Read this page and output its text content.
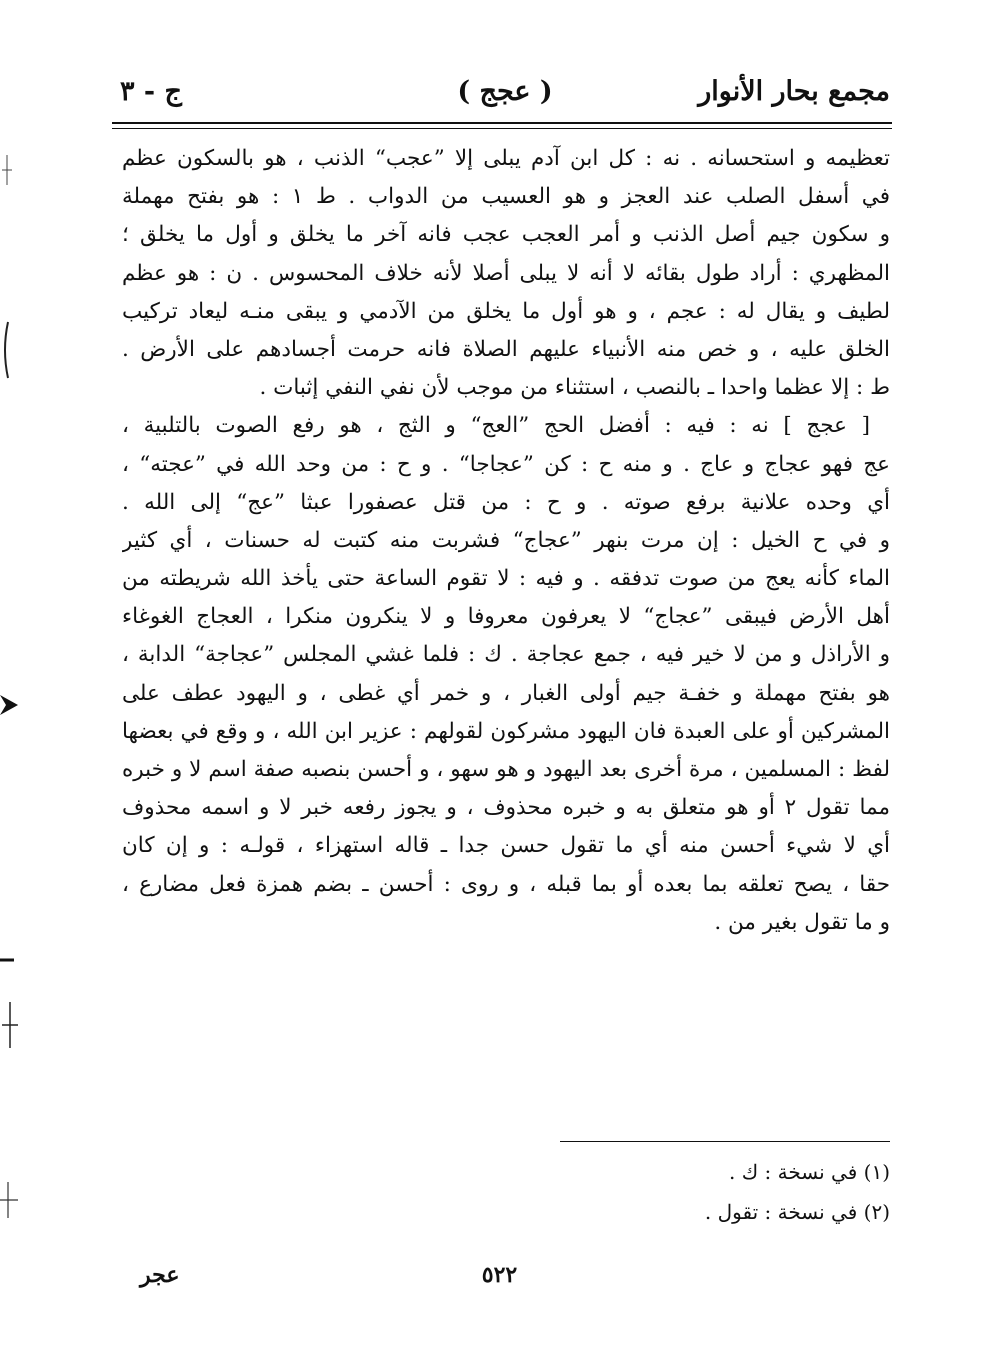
مجمع بحار الأنوار
( عجج )
ج - ٣
تعظيمه و استحسانه . نه : كل ابن آدم يبلى إلا ”عجب“ الذنب ، هو بالسكون عظم
في أسفل الصلب عند العجز و هو العسيب من الدواب . ط ١ : هو بفتح مهملة
و سكون جيم أصل الذنب و أمر العجب عجب فانه آخر ما يخلق و أول ما يخلق ؛
المظهري : أراد طول بقائه لا أنه لا يبلى أصلا لأنه خلاف المحسوس . ن : هو عظم
لطيف و يقال له : عجم ، و هو أول ما يخلق من الآدمي و يبقى منـه ليعاد تركيب
الخلق عليه ، و خص منه الأنبياء عليهم الصلاة فانه حرمت أجسادهم على الأرض .
ط : إلا عظما واحدا ـ بالنصب ، استثناء من موجب لأن نفي النفي إثبات .
[ عجج ] نه : فيه : أفضل الحج ”العج“ و الثج ، هو رفع الصوت بالتلبية ،
عج فهو عجاج و عاج . و منه ح : كن ”عجاجا“ . و ح : من وحد الله في ”عجته“ ،
أي وحده علانية برفع صوته . و ح : من قتل عصفورا عبثا ”عج“ إلى الله .
و في ح الخيل : إن مرت بنهر ”عجاج“ فشربت منه كتبت له حسنات ، أي كثير
الماء كأنه يعج من صوت تدفقه . و فيه : لا تقوم الساعة حتى يأخذ الله شريطته من
أهل الأرض فيبقى ”عجاج“ لا يعرفون معروفا و لا ينكرون منكرا ، العجاج الغوغاء
و الأراذل و من لا خير فيه ، جمع عجاجة . ك : فلما غشي المجلس ”عجاجة“ الدابة ،
هو بفتح مهملة و خفـة جيم أولى الغبار ، و خمر أي غطى ، و اليهود عطف على
المشركين أو على العبدة فان اليهود مشركون لقولهم : عزير ابن الله ، و وقع في بعضها
لفظ : المسلمين ، مرة أخرى بعد اليهود و هو سهو ، و أحسن بنصبه صفة اسم لا و خبره
مما تقول ٢ أو هو متعلق به و خبره محذوف ، و يجوز رفعه خبر لا و اسمه محذوف
أي لا شيء أحسن منه أي ما تقول حسن جدا ـ قاله استهزاء ، قولـه : و إن كان
حقا ، يصح تعلقه بما بعده أو بما قبله ، و روى : أحسن ـ بضم همزة فعل مضارع ،
و ما تقول بغير من .
(١) في نسخة : ك .
(٢) في نسخة : تقول .
عجر	٥٢٢
